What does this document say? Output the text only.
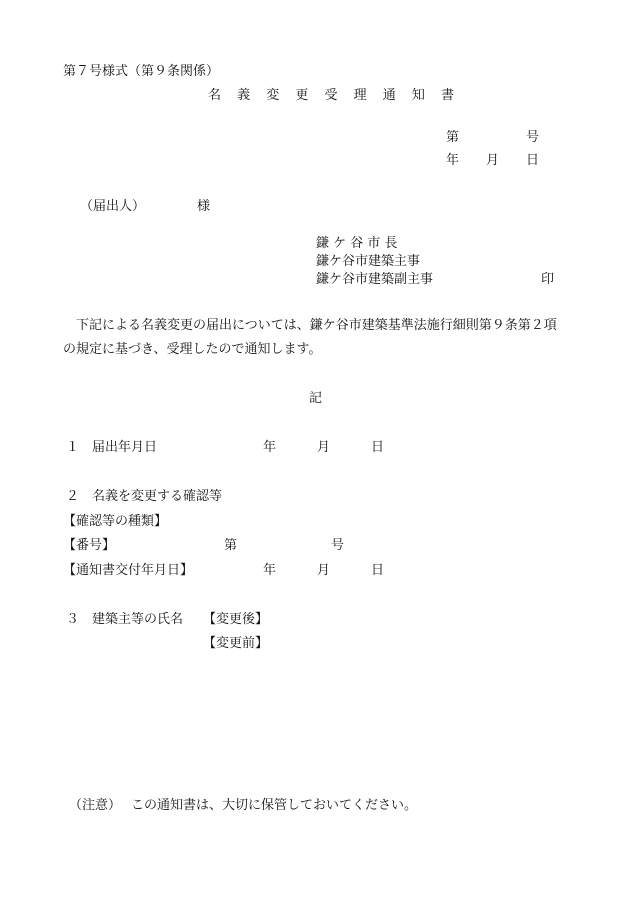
第７号様式（第９条関係）
名 義 変 更 受 理 通 知 書
第	号
年 月 日
（届出人）	様
鎌 ケ 谷 市 長
鎌ケ谷市建築主事
鎌ケ谷市建築副主事	印
　下記による名義変更の届出については、鎌ケ谷市建築基準法施行細則第９条第２項の規定に基づき、受理したので通知します。
記
１　届出年月日	年	月	日
２　名義を変更する確認等
【確認等の種類】
【番号】	第	号
【通知書交付年月日】	年	月	日
３　建築主等の氏名 【変更後】
【変更前】
（注意） この通知書は、大切に保管しておいてください。
